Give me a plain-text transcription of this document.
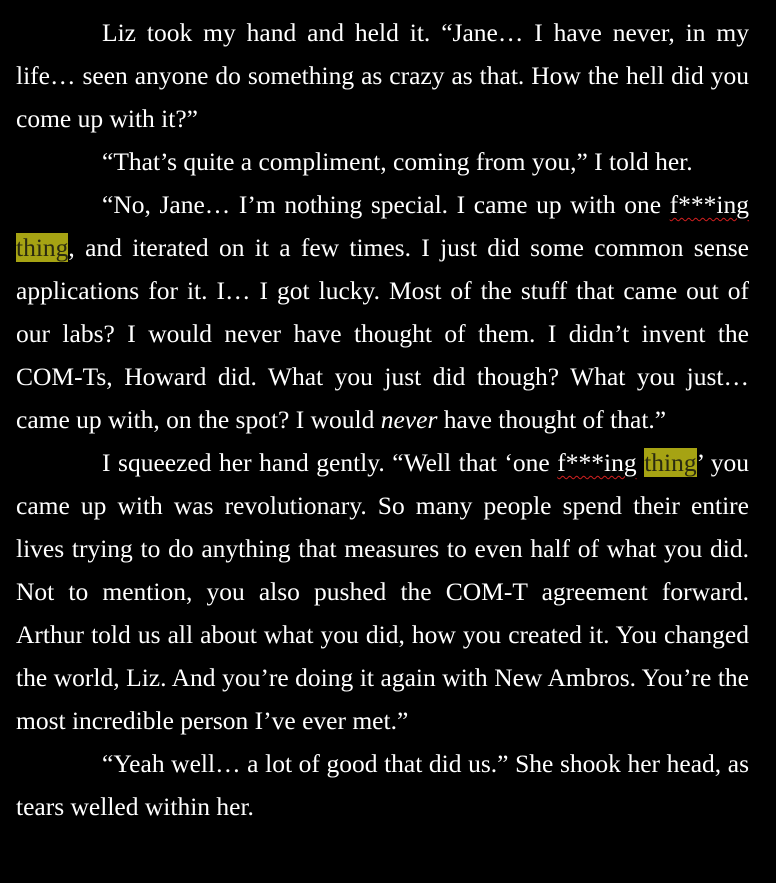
Liz took my hand and held it. “Jane… I have never, in my life… seen anyone do something as crazy as that. How the hell did you come up with it?”

“That’s quite a compliment, coming from you,” I told her.

“No, Jane… I’m nothing special. I came up with one f***ing thing, and iterated on it a few times. I just did some common sense applications for it. I… I got lucky. Most of the stuff that came out of our labs? I would never have thought of them. I didn’t invent the COM-Ts, Howard did. What you just did though? What you just… came up with, on the spot? I would never have thought of that.”

I squeezed her hand gently. “Well that ‘one f***ing thing’ you came up with was revolutionary. So many people spend their entire lives trying to do anything that measures to even half of what you did. Not to mention, you also pushed the COM-T agreement forward. Arthur told us all about what you did, how you created it. You changed the world, Liz. And you’re doing it again with New Ambros. You’re the most incredible person I’ve ever met.”

“Yeah well… a lot of good that did us.” She shook her head, as tears welled within her.
